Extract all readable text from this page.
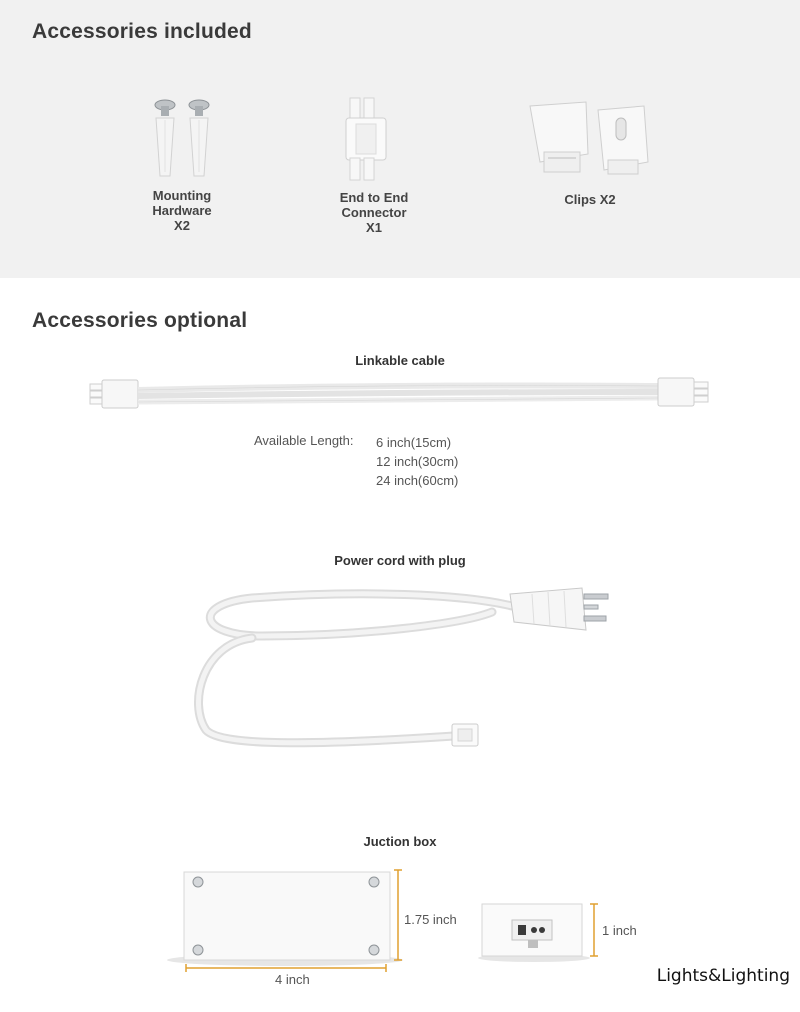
Accessories included
Mounting
Hardware
X2
End to End
Connector
X1
Clips X2
Accessories optional
Linkable cable
Available Length: 6 inch(15cm)
12 inch(30cm)
24 inch(60cm)
Power cord with plug
Juction box
1.75 inch
4 inch
1 inch
Lights&Lighting
